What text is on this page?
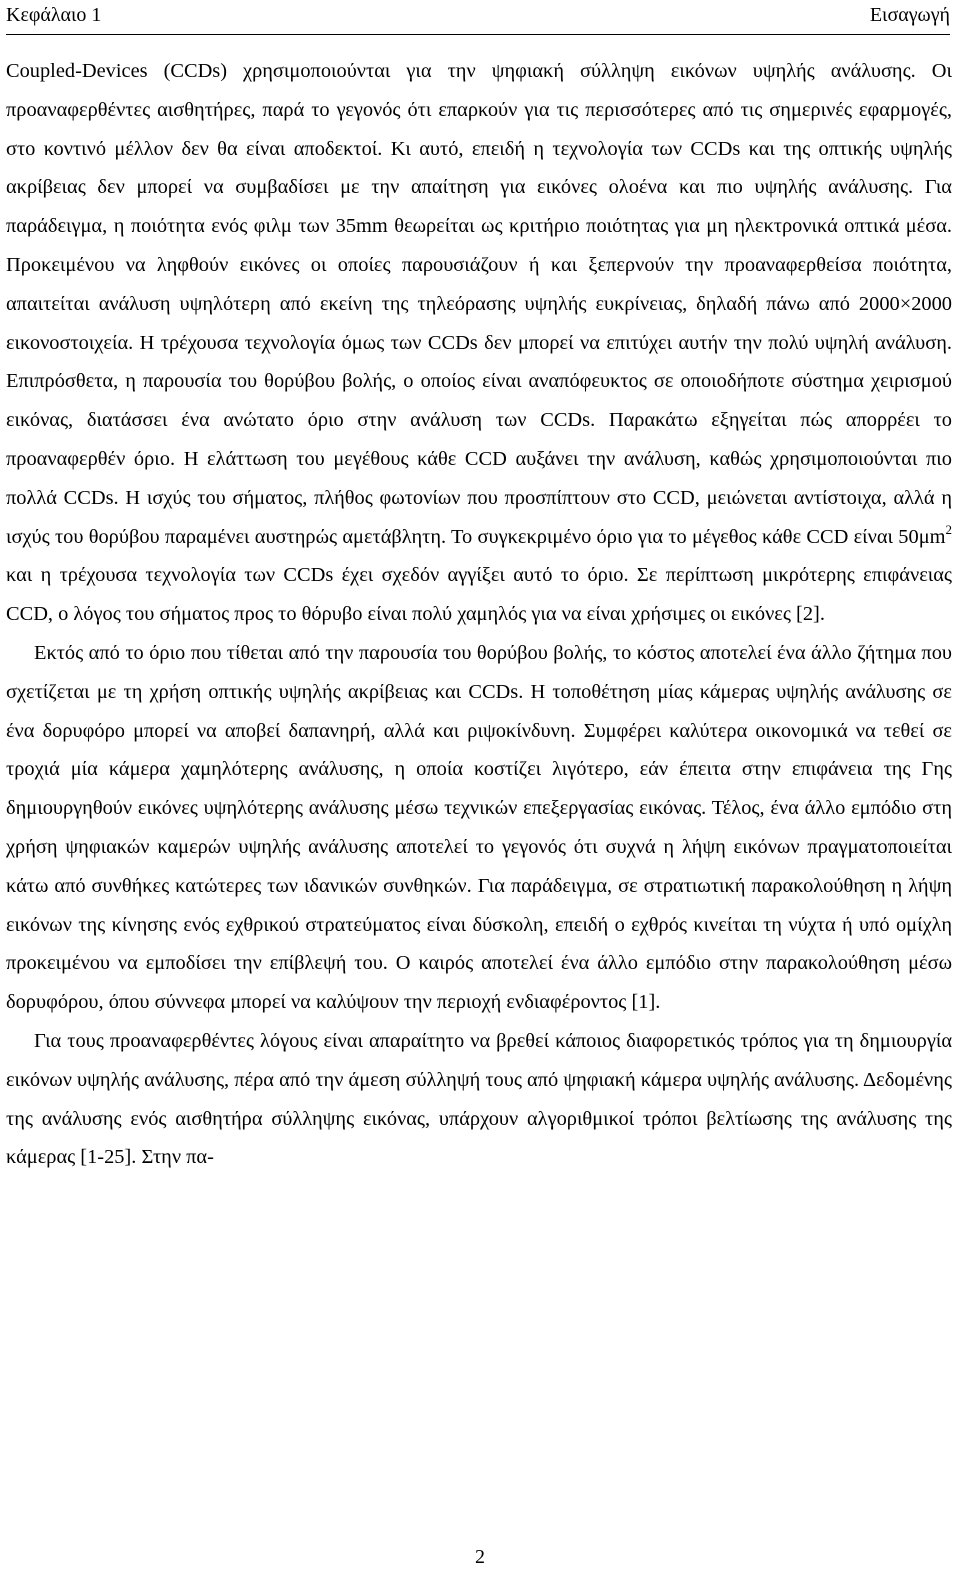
Κεφάλαιο 1	Εισαγωγή

Coupled-Devices (CCDs) χρησιμοποιούνται για την ψηφιακή σύλληψη εικόνων υψηλής ανάλυσης. Οι προαναφερθέντες αισθητήρες, παρά το γεγονός ότι επαρκούν για τις περισσότερες από τις σημερινές εφαρμογές, στο κοντινό μέλλον δεν θα είναι αποδεκτοί. Κι αυτό, επειδή η τεχνολογία των CCDs και της οπτικής υψηλής ακρίβειας δεν μπορεί να συμβαδίσει με την απαίτηση για εικόνες ολοένα και πιο υψηλής ανάλυσης. Για παράδειγμα, η ποιότητα ενός φιλμ των 35mm θεωρείται ως κριτήριο ποιότητας για μη ηλεκτρονικά οπτικά μέσα. Προκειμένου να ληφθούν εικόνες οι οποίες παρουσιάζουν ή και ξεπερνούν την προαναφερθείσα ποιότητα, απαιτείται ανάλυση υψηλότερη από εκείνη της τηλεόρασης υψηλής ευκρίνειας, δηλαδή πάνω από 2000×2000 εικονοστοιχεία. Η τρέχουσα τεχνολογία όμως των CCDs δεν μπορεί να επιτύχει αυτήν την πολύ υψηλή ανάλυση. Επιπρόσθετα, η παρουσία του θορύβου βολής, ο οποίος είναι αναπόφευκτος σε οποιοδήποτε σύστημα χειρισμού εικόνας, διατάσσει ένα ανώτατο όριο στην ανάλυση των CCDs. Παρακάτω εξηγείται πώς απορρέει το προαναφερθέν όριο. Η ελάττωση του μεγέθους κάθε CCD αυξάνει την ανάλυση, καθώς χρησιμοποιούνται πιο πολλά CCDs. Η ισχύς του σήματος, πλήθος φωτονίων που προσπίπτουν στο CCD, μειώνεται αντίστοιχα, αλλά η ισχύς του θορύβου παραμένει αυστηρώς αμετάβλητη. Το συγκεκριμένο όριο για το μέγεθος κάθε CCD είναι $50\mu m^2$ και η τρέχουσα τεχνολογία των CCDs έχει σχεδόν αγγίξει αυτό το όριο. Σε περίπτωση μικρότερης επιφάνειας CCD, ο λόγος του σήματος προς το θόρυβο είναι πολύ χαμηλός για να είναι χρήσιμες οι εικόνες [2].

Εκτός από το όριο που τίθεται από την παρουσία του θορύβου βολής, το κόστος αποτελεί ένα άλλο ζήτημα που σχετίζεται με τη χρήση οπτικής υψηλής ακρίβειας και CCDs. Η τοποθέτηση μίας κάμερας υψηλής ανάλυσης σε ένα δορυφόρο μπορεί να αποβεί δαπανηρή, αλλά και ριψοκίνδυνη. Συμφέρει καλύτερα οικονομικά να τεθεί σε τροχιά μία κάμερα χαμηλότερης ανάλυσης, η οποία κοστίζει λιγότερο, εάν έπειτα στην επιφάνεια της Γης δημιουργηθούν εικόνες υψηλότερης ανάλυσης μέσω τεχνικών επεξεργασίας εικόνας. Τέλος, ένα άλλο εμπόδιο στη χρήση ψηφιακών καμερών υψηλής ανάλυσης αποτελεί το γεγονός ότι συχνά η λήψη εικόνων πραγματοποιείται κάτω από συνθήκες κατώτερες των ιδανικών συνθηκών. Για παράδειγμα, σε στρατιωτική παρακολούθηση η λήψη εικόνων της κίνησης ενός εχθρικού στρατεύματος είναι δύσκολη, επειδή ο εχθρός κινείται τη νύχτα ή υπό ομίχλη προκειμένου να εμποδίσει την επίβλεψή του. Ο καιρός αποτελεί ένα άλλο εμπόδιο στην παρακολούθηση μέσω δορυφόρου, όπου σύννεφα μπορεί να καλύψουν την περιοχή ενδιαφέροντος [1].

Για τους προαναφερθέντες λόγους είναι απαραίτητο να βρεθεί κάποιος διαφορετικός τρόπος για τη δημιουργία εικόνων υψηλής ανάλυσης, πέρα από την άμεση σύλληψή τους από ψηφιακή κάμερα υψηλής ανάλυσης. Δεδομένης της ανάλυσης ενός αισθητήρα σύλληψης εικόνας, υπάρχουν αλγοριθμικοί τρόποι βελτίωσης της ανάλυσης της κάμερας [1-25]. Στην πα-

2
